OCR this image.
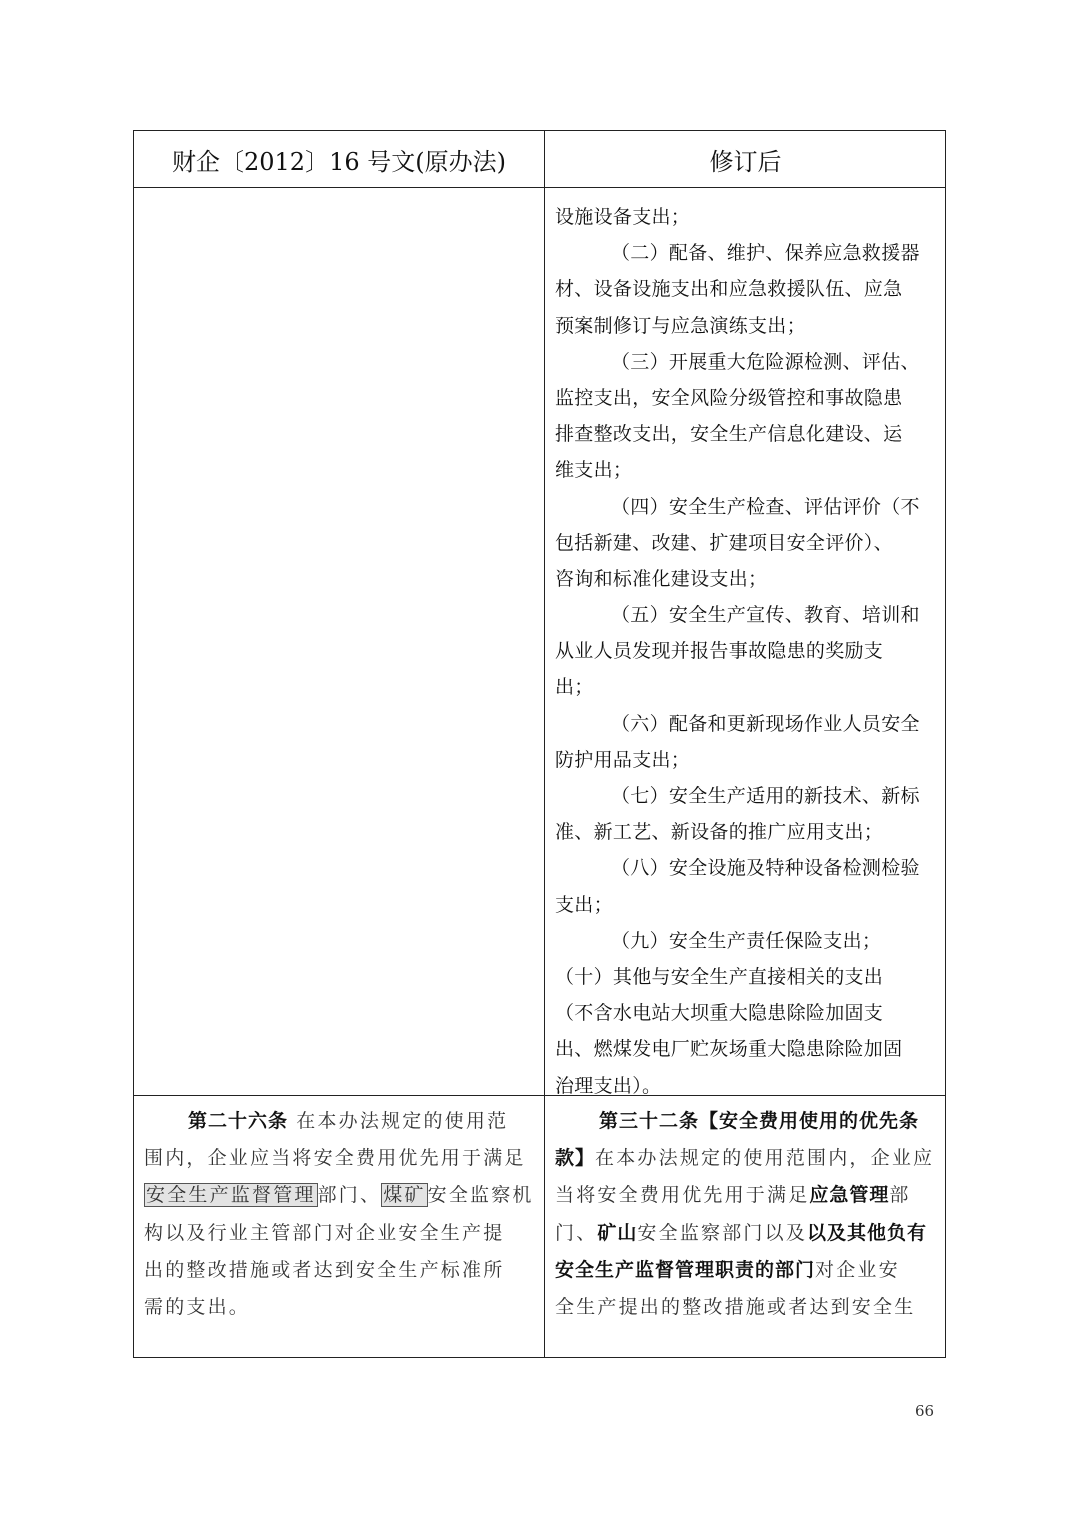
财企〔2012〕16 号文(原办法)	修订后
设施设备支出；
（二）配备、维护、保养应急救援器
材、设备设施支出和应急救援队伍、应急
预案制修订与应急演练支出；
（三）开展重大危险源检测、评估、
监控支出，安全风险分级管控和事故隐患
排查整改支出，安全生产信息化建设、运
维支出；
（四）安全生产检查、评估评价（不
包括新建、改建、扩建项目安全评价）、
咨询和标准化建设支出；
（五）安全生产宣传、教育、培训和
从业人员发现并报告事故隐患的奖励支
出；
（六）配备和更新现场作业人员安全
防护用品支出；
（七）安全生产适用的新技术、新标
准、新工艺、新设备的推广应用支出；
（八）安全设施及特种设备检测检验
支出；
（九）安全生产责任保险支出；
（十）其他与安全生产直接相关的支出
（不含水电站大坝重大隐患除险加固支
出、燃煤发电厂贮灰场重大隐患除险加固
治理支出）。
第二十六条 在本办法规定的使用范
围内，企业应当将安全费用优先用于满足
安全生产监督管理 部门、 煤矿 安全监察机
构以及行业主管部门对企业安全生产提
出的整改措施或者达到安全生产标准所
需的支出。
第三十二条【安全费用使用的优先条
款】在本办法规定的使用范围内，企业应
当将安全费用优先用于满足应急管理部
门、矿山安全监察部门以及以及其他负有
安全生产监督管理职责的部门对企业安
全生产提出的整改措施或者达到安全生
66
